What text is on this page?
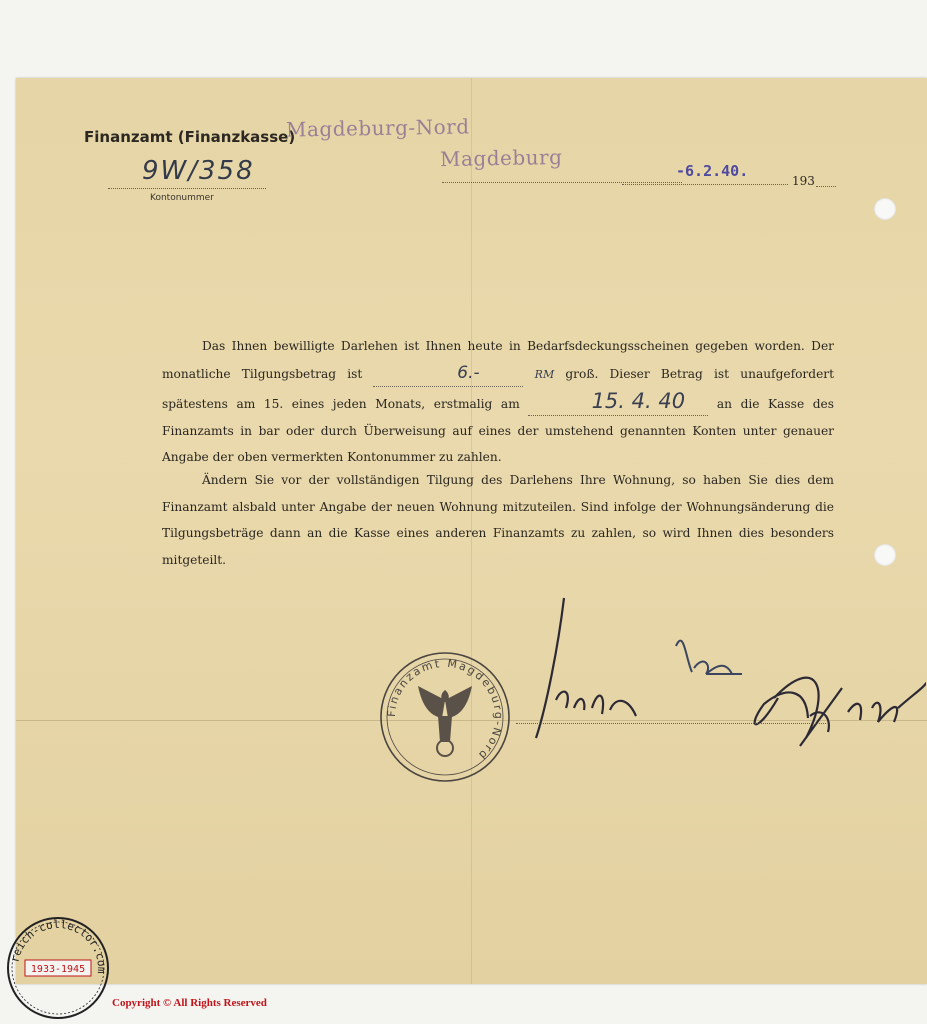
Finanzamt (Finanzkasse)
Magdeburg-Nord
Magdeburg
9W/358
Kontonummer
-6.2.40.
193
Das Ihnen bewilligte Darlehen ist Ihnen heute in Bedarfsdeckungsscheinen gegeben worden. Der monatliche Tilgungsbetrag ist	6.-	RM groß. Dieser Betrag ist unaufgefordert spätestens am 15. eines jeden Monats, erstmalig am	15. 4. 40 an die Kasse des Finanzamts in bar oder durch Überweisung auf eines der umstehend genannten Konten unter genauer Angabe der oben vermerkten Kontonummer zu zahlen.
Ändern Sie vor der vollständigen Tilgung des Darlehens Ihre Wohnung, so haben Sie dies dem Finanzamt alsbald unter Angabe der neuen Wohnung mitzuteilen. Sind infolge der Wohnungsänderung die Tilgungsbeträge dann an die Kasse eines anderen Finanzamts zu zahlen, so wird Ihnen dies besonders mitgeteilt.
Finanzamt Magdeburg-Nord
reich-collector.com
1933-1945
Copyright © All Rights Reserved
